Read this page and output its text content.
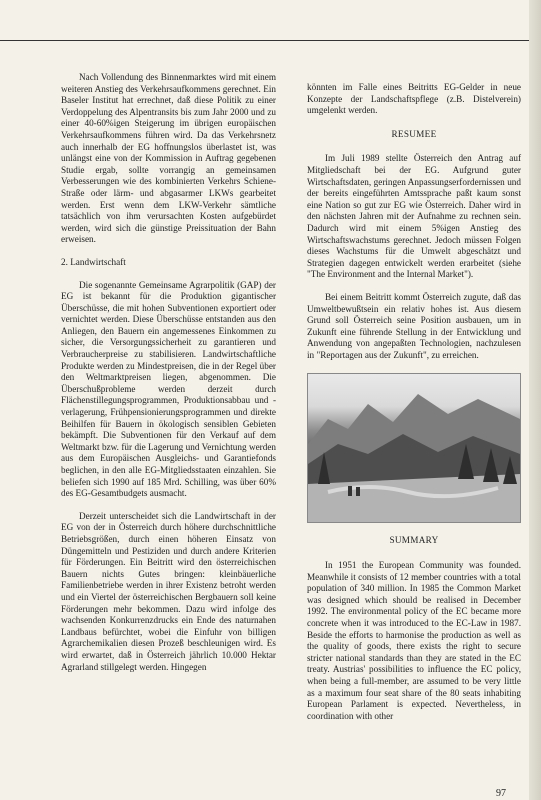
Nach Vollendung des Binnenmarktes wird mit einem weiteren Anstieg des Verkehrsaufkommens gerechnet. Ein Baseler Institut hat errechnet, daß diese Politik zu einer Verdoppelung des Alpentransits bis zum Jahr 2000 und zu einer 40-60%igen Steigerung im übrigen europäischen Verkehrsaufkommens führen wird. Da das Verkehrsnetz auch innerhalb der EG hoffnungslos überlastet ist, was unlängst eine von der Kommission in Auftrag gegebenen Studie ergab, sollte vorrangig an gemeinsamen Verbesserungen wie des kombinierten Verkehrs Schiene-Straße oder lärm- und abgasarmer LKWs gearbeitet werden. Erst wenn dem LKW-Verkehr sämtliche tatsächlich von ihm verursachten Kosten aufgebürdet werden, wird sich die günstige Preissituation der Bahn erweisen.

2. Landwirtschaft

Die sogenannte Gemeinsame Agrarpolitik (GAP) der EG ist bekannt für die Produktion gigantischer Überschüsse, die mit hohen Subventionen exportiert oder vernichtet werden. Diese Überschüsse entstanden aus den Anliegen, den Bauern ein angemessenes Einkommen zu sicher, die Versorgungssicherheit zu garantieren und Verbraucherpreise zu stabilisieren. Landwirtschaftliche Produkte werden zu Mindestpreisen, die in der Regel über den Weltmarktpreisen liegen, abgenommen. Die Überschußprobleme werden derzeit durch Flächenstillegungsprogrammen, Produktionsabbau und -verlagerung, Frühpensionierungsprogrammen und direkte Beihilfen für Bauern in ökologisch sensiblen Gebieten bekämpft. Die Subventionen für den Verkauf auf dem Weltmarkt bzw. für die Lagerung und Vernichtung werden aus dem Europäischen Ausgleichs- und Garantiefonds beglichen, in den alle EG-Mitgliedsstaaten einzahlen. Sie beliefen sich 1990 auf 185 Mrd. Schilling, was über 60% des EG-Gesamtbudgets ausmacht.

Derzeit unterscheidet sich die Landwirtschaft in der EG von der in Österreich durch höhere durchschnittliche Betriebsgrößen, durch einen höheren Einsatz von Düngemitteln und Pestiziden und durch andere Kriterien für Förderungen. Ein Beitritt wird den österreichischen Bauern nichts Gutes bringen: kleinbäuerliche Familienbetriebe werden in ihrer Existenz betroht werden und ein Viertel der österreichischen Bergbauern soll keine Förderungen mehr bekommen. Dazu wird infolge des wachsenden Konkurrenzdrucks ein Ende des naturnahen Landbaus befürchtet, wobei die Einfuhr von billigen Agrarchemikalien diesen Prozeß beschleunigen wird. Es wird erwartet, daß in Österreich jährlich 10.000 Hektar Agrarland stillgelegt werden. Hingegen

könnten im Falle eines Beitritts EG-Gelder in neue Konzepte der Landschaftspflege (z.B. Distelverein) umgelenkt werden.

RESUMEE

Im Juli 1989 stellte Österreich den Antrag auf Mitgliedschaft bei der EG. Aufgrund guter Wirtschaftsdaten, geringen Anpassungserfordernissen und der bereits eingeführten Amtssprache paßt kaum sonst eine Nation so gut zur EG wie Österreich. Daher wird in den nächsten Jahren mit der Aufnahme zu rechnen sein. Dadurch wird mit einem 5%igen Anstieg des Wirtschaftswachstums gerechnet. Jedoch müssen Folgen dieses Wachstums für die Umwelt abgeschätzt und Strategien dagegen entwickelt werden erarbeitet (siehe "The Environment and the Internal Market").

Bei einem Beitritt kommt Österreich zugute, daß das Umweltbewußtsein ein relativ hohes ist. Aus diesem Grund soll Österreich seine Position ausbauen, um in Zukunft eine führende Stellung in der Entwicklung und Anwendung von angepaßten Technologien, nachzulesen in "Reportagen aus der Zukunft", zu erreichen.

SUMMARY

In 1951 the European Community was founded. Meanwhile it consists of 12 member countries with a total population of 340 million. In 1985 the Common Market was designed which should be realised in December 1992. The environmental policy of the EC became more concrete when it was introduced to the EC-Law in 1987. Beside the efforts to harmonise the production as well as the quality of goods, there exists the right to secure stricter national standards than they are stated in the EC treaty. Austrias' possibilities to influence the EC policy, when being a full-member, are assumed to be very little as a maximum four seat share of the 80 seats inhabiting European Parlament is expected. Nevertheless, in coordination with other

97
